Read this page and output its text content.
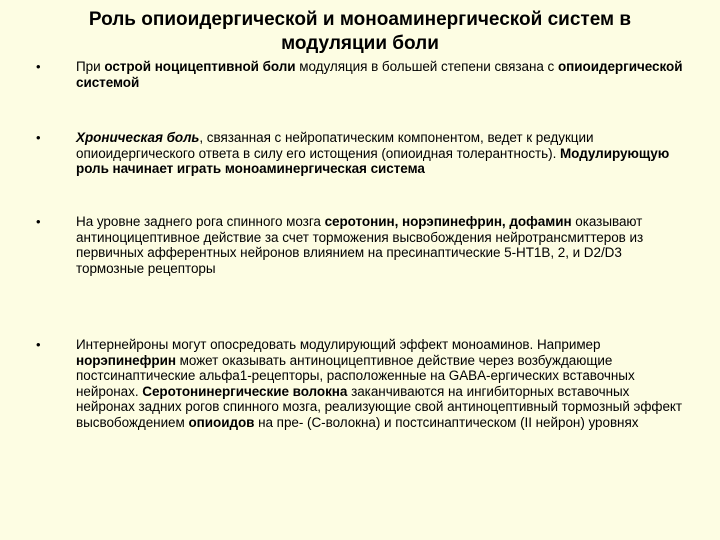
Роль опиоидергической и моноаминергической систем в модуляции боли
•	При острой ноцицептивной боли модуляция в большей степени связана с опиоидергической системой
•	Хроническая боль, связанная с нейропатическим компонентом, ведет к редукции опиоидергического ответа в силу его истощения (опиоидная толерантность). Модулирующую роль начинает играть моноаминергическая система
•	На уровне заднего рога спинного мозга серотонин, норэпинефрин, дофамин оказывают антиноцицептивное действие за счет торможения высвобождения нейротрансмиттеров из первичных афферентных нейронов влиянием на пресинаптические 5-HT1B, 2, и D2/D3 тормозные рецепторы
•	Интернейроны могут опосредовать модулирующий эффект моноаминов. Например норэпинефрин может оказывать антиноцицептивное действие через возбуждающие постсинаптические альфа1-рецепторы, расположенные на GABA-ергических вставочных нейронах. Серотонинергические волокна заканчиваются на ингибиторных вставочных нейронах задних рогов спинного мозга, реализующие свой антиноцептивный тормозный эффект высвобождением опиоидов на пре- (С-волокна) и постсинаптическом (II нейрон) уровнях
